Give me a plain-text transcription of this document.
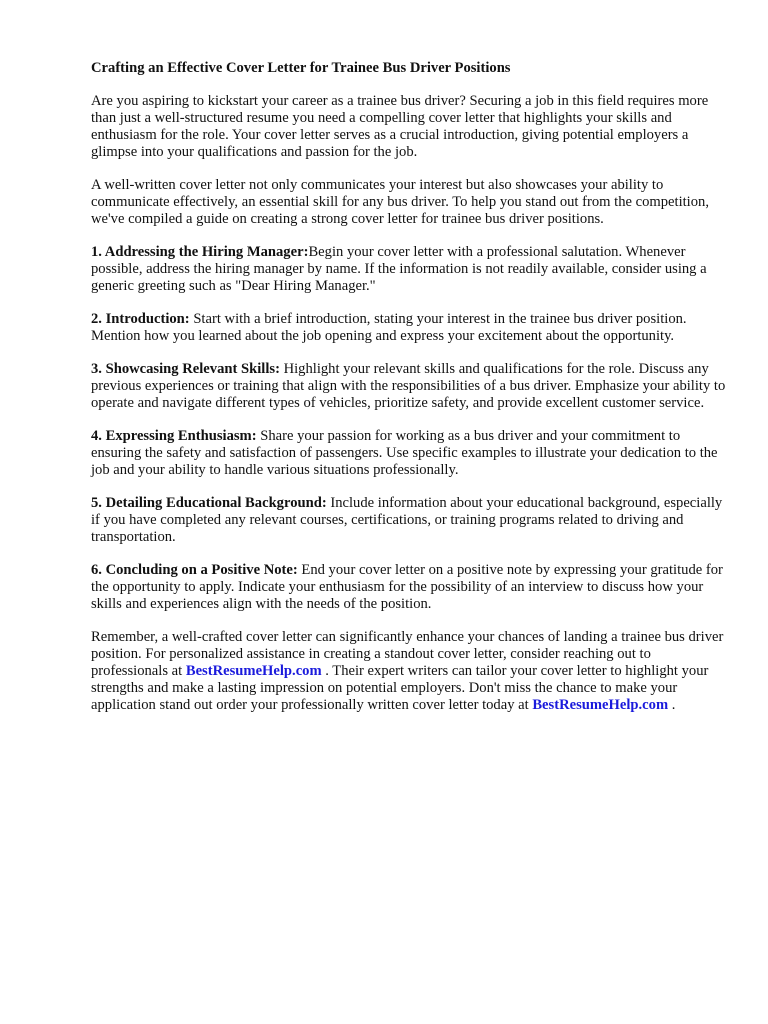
Crafting an Effective Cover Letter for Trainee Bus Driver Positions

Are you aspiring to kickstart your career as a trainee bus driver? Securing a job in this field requires more than just a well-structured resume you need a compelling cover letter that highlights your skills and enthusiasm for the role. Your cover letter serves as a crucial introduction, giving potential employers a glimpse into your qualifications and passion for the job.

A well-written cover letter not only communicates your interest but also showcases your ability to communicate effectively, an essential skill for any bus driver. To help you stand out from the competition, we've compiled a guide on creating a strong cover letter for trainee bus driver positions.

1. Addressing the Hiring Manager:Begin your cover letter with a professional salutation. Whenever possible, address the hiring manager by name. If the information is not readily available, consider using a generic greeting such as "Dear Hiring Manager."

2. Introduction: Start with a brief introduction, stating your interest in the trainee bus driver position. Mention how you learned about the job opening and express your excitement about the opportunity.

3. Showcasing Relevant Skills: Highlight your relevant skills and qualifications for the role. Discuss any previous experiences or training that align with the responsibilities of a bus driver. Emphasize your ability to operate and navigate different types of vehicles, prioritize safety, and provide excellent customer service.

4. Expressing Enthusiasm: Share your passion for working as a bus driver and your commitment to ensuring the safety and satisfaction of passengers. Use specific examples to illustrate your dedication to the job and your ability to handle various situations professionally.

5. Detailing Educational Background: Include information about your educational background, especially if you have completed any relevant courses, certifications, or training programs related to driving and transportation.

6. Concluding on a Positive Note: End your cover letter on a positive note by expressing your gratitude for the opportunity to apply. Indicate your enthusiasm for the possibility of an interview to discuss how your skills and experiences align with the needs of the position.

Remember, a well-crafted cover letter can significantly enhance your chances of landing a trainee bus driver position. For personalized assistance in creating a standout cover letter, consider reaching out to professionals at BestResumeHelp.com . Their expert writers can tailor your cover letter to highlight your strengths and make a lasting impression on potential employers. Don't miss the chance to make your application stand out order your professionally written cover letter today at BestResumeHelp.com .
